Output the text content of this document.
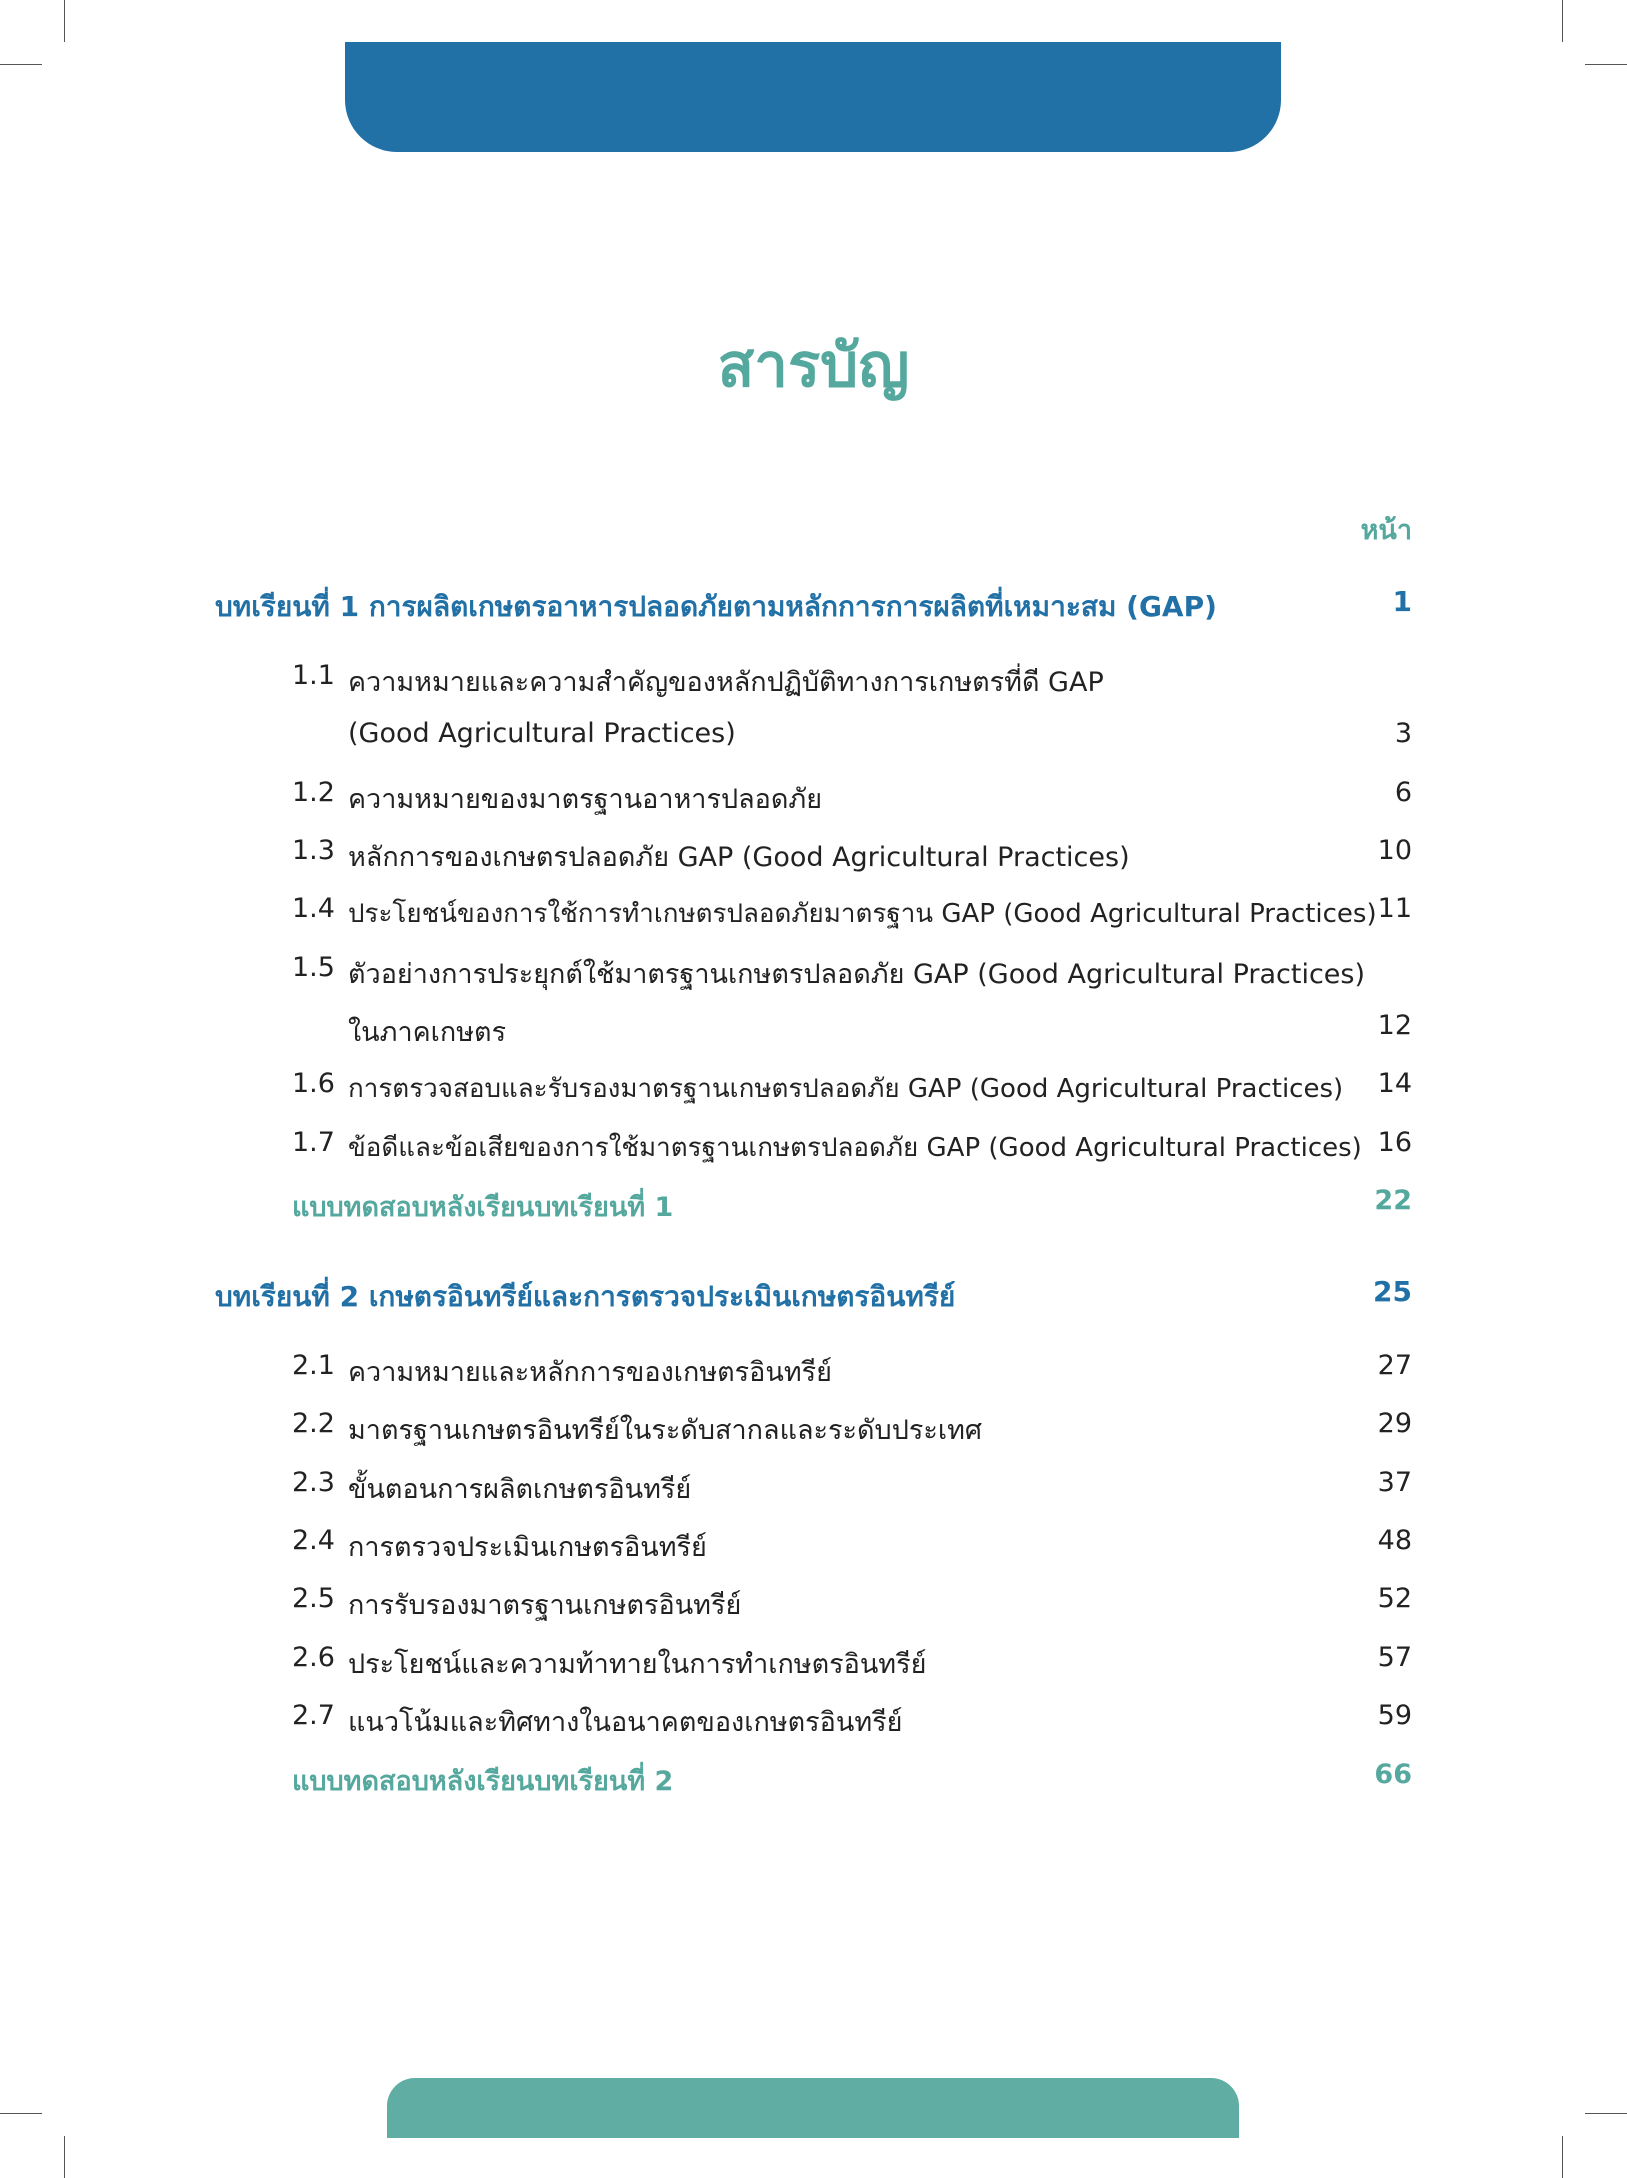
สารบัญ
หน้า
บทเรียนที่ 1 การผลิตเกษตรอาหารปลอดภัยตามหลักการการผลิตที่เหมาะสม (GAP)	1
1.1 ความหมายและความสำคัญของหลักปฏิบัติทางการเกษตรที่ดี GAP
(Good Agricultural Practices)	3
1.2 ความหมายของมาตรฐานอาหารปลอดภัย	6
1.3 หลักการของเกษตรปลอดภัย GAP (Good Agricultural Practices)	10
1.4 ประโยชน์ของการใช้การทำเกษตรปลอดภัยมาตรฐาน GAP (Good Agricultural Practices) 11
1.5 ตัวอย่างการประยุกต์ใช้มาตรฐานเกษตรปลอดภัย GAP (Good Agricultural Practices)
ในภาคเกษตร	12
1.6 การตรวจสอบและรับรองมาตรฐานเกษตรปลอดภัย GAP (Good Agricultural Practices)	14
1.7 ข้อดีและข้อเสียของการใช้มาตรฐานเกษตรปลอดภัย GAP (Good Agricultural Practices) 16
แบบทดสอบหลังเรียนบทเรียนที่ 1	22
บทเรียนที่ 2 เกษตรอินทรีย์และการตรวจประเมินเกษตรอินทรีย์	25
2.1 ความหมายและหลักการของเกษตรอินทรีย์	27
2.2 มาตรฐานเกษตรอินทรีย์ในระดับสากลและระดับประเทศ	29
2.3 ขั้นตอนการผลิตเกษตรอินทรีย์	37
2.4 การตรวจประเมินเกษตรอินทรีย์	48
2.5 การรับรองมาตรฐานเกษตรอินทรีย์	52
2.6 ประโยชน์และความท้าทายในการทำเกษตรอินทรีย์	57
2.7 แนวโน้มและทิศทางในอนาคตของเกษตรอินทรีย์	59
แบบทดสอบหลังเรียนบทเรียนที่ 2	66
